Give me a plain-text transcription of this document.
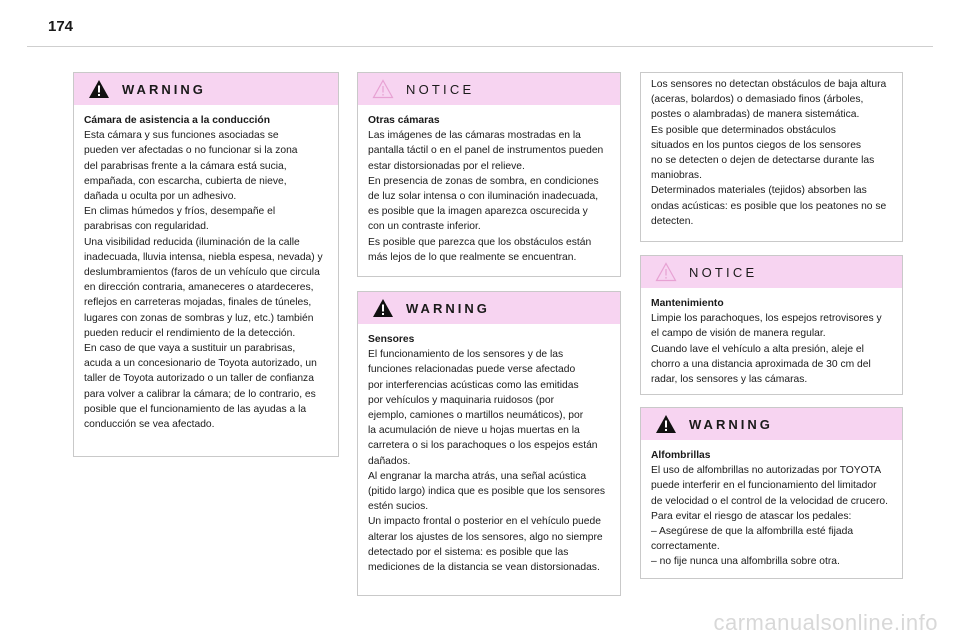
174
WARNING

Cámara de asistencia a la conducción

Esta cámara y sus funciones asociadas se

pueden ver afectadas o no funcionar si la zona

del parabrisas frente a la cámara está sucia,

empañada, con escarcha, cubierta de nieve,

dañada u oculta por un adhesivo.

En climas húmedos y fríos, desempañe el

parabrisas con regularidad.

Una visibilidad reducida (iluminación de la calle

inadecuada, lluvia intensa, niebla espesa, nevada) y

deslumbramientos (faros de un vehículo que circula

en dirección contraria, amaneceres o atardeceres,

reflejos en carreteras mojadas, finales de túneles,

lugares con zonas de sombras y luz, etc.) también

pueden reducir el rendimiento de la detección.

En caso de que vaya a sustituir un parabrisas,

acuda a un concesionario de Toyota autorizado, un

taller de Toyota autorizado o un taller de confianza

para volver a calibrar la cámara; de lo contrario, es

posible que el funcionamiento de las ayudas a la

conducción se vea afectado.

NOTICE

Otras cámaras

Las imágenes de las cámaras mostradas en la

pantalla táctil o en el panel de instrumentos pueden

estar distorsionadas por el relieve.

En presencia de zonas de sombra, en condiciones

de luz solar intensa o con iluminación inadecuada,

es posible que la imagen aparezca oscurecida y

con un contraste inferior.

Es posible que parezca que los obstáculos están

más lejos de lo que realmente se encuentran.

WARNING

Sensores

El funcionamiento de los sensores y de las

funciones relacionadas puede verse afectado

por interferencias acústicas como las emitidas

por vehículos y maquinaria ruidosos (por

ejemplo, camiones o martillos neumáticos), por

la acumulación de nieve u hojas muertas en la

carretera o si los parachoques o los espejos están

dañados.

Al engranar la marcha atrás, una señal acústica

(pitido largo) indica que es posible que los sensores

estén sucios.

Un impacto frontal o posterior en el vehículo puede

alterar los ajustes de los sensores, algo no siempre

detectado por el sistema: es posible que las

mediciones de la distancia se vean distorsionadas.

Los sensores no detectan obstáculos de baja altura

(aceras, bolardos) o demasiado finos (árboles,

postes o alambradas) de manera sistemática.

Es posible que determinados obstáculos

situados en los puntos ciegos de los sensores

no se detecten o dejen de detectarse durante las

maniobras.

Determinados materiales (tejidos) absorben las

ondas acústicas: es posible que los peatones no se

detecten.

NOTICE

Mantenimiento

Limpie los parachoques, los espejos retrovisores y

el campo de visión de manera regular.

Cuando lave el vehículo a alta presión, aleje el

chorro a una distancia aproximada de 30 cm del

radar, los sensores y las cámaras.

WARNING

Alfombrillas

El uso de alfombrillas no autorizadas por TOYOTA

puede interferir en el funcionamiento del limitador

de velocidad o el control de la velocidad de crucero.

Para evitar el riesgo de atascar los pedales:

– Asegúrese de que la alfombrilla esté fijada

correctamente.

– no fije nunca una alfombrilla sobre otra.

carmanualsonline.info
